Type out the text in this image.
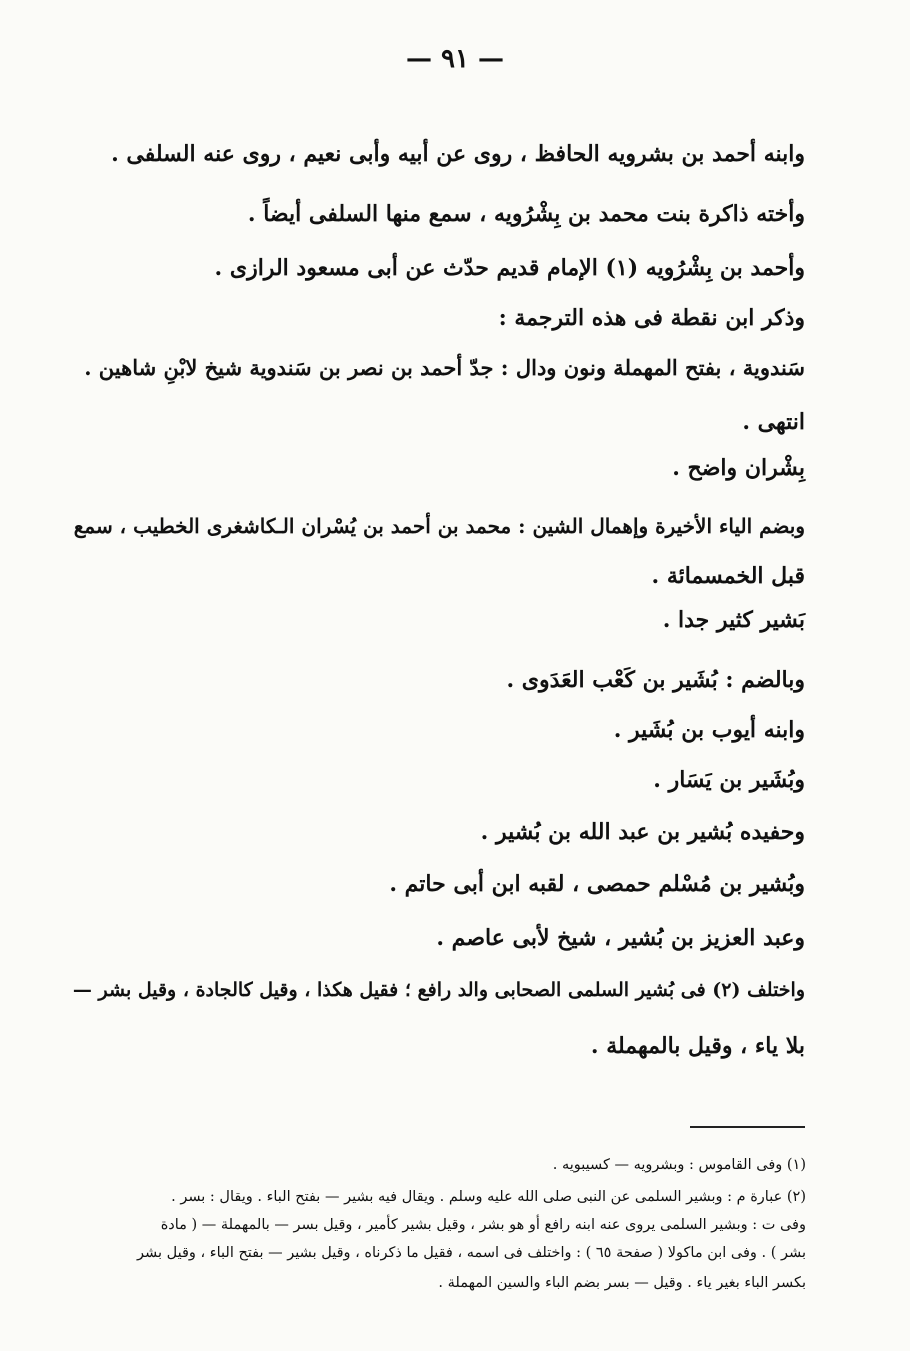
— ٩١ —
وابنه أحمد بن بشرويه الحافظ ، روى عن أبيه وأبى نعيم ، روى عنه السلفى .
وأخته ذاكرة بنت محمد بن بِشْرُويه ، سمع منها السلفى أيضاً .
وأحمد بن بِشْرُويه (١) الإمام قديم حدّث عن أبى مسعود الرازى .
وذكر ابن نقطة فى هذه الترجمة :
سَندوية ، بفتح المهملة ونون ودال : جدّ أحمد بن نصر بن سَندوية شيخ لابْنِ شاهين .
انتهى .
بِشْران واضح .
وبضم الياء الأخيرة وإهمال الشين : محمد بن أحمد بن يُسْران الـكاشغرى الخطيب ، سمع
قبل الخمسمائة .
بَشير كثير جدا .
وبالضم : بُشَير بن كَعْب العَدَوى .
وابنه أيوب بن بُشَير .
وبُشَير بن يَسَار .
وحفيده بُشير بن عبد الله بن بُشير .
وبُشير بن مُسْلم حمصى ، لقبه ابن أبى حاتم .
وعبد العزيز بن بُشير ، شيخ لأبى عاصم .
واختلف (٢) فى بُشير السلمى الصحابى والد رافع ؛ فقيل هكذا ، وقيل كالجادة ، وقيل بشر —
بلا ياء ، وقيل بالمهملة .
(١) وفى القاموس : وبشرويه — كسيبويه .
(٢) عبارة م : وبشير السلمى عن النبى صلى الله عليه وسلم . ويقال فيه بشير — بفتح الباء . ويقال : بسر .
وفى ت : وبشير السلمى يروى عنه ابنه رافع أو هو بشر ، وقيل بشير كأمير ، وقيل بسر — بالمهملة — ( مادة
بشر ) . وفى ابن ماكولا ( صفحة ٦٥ ) : واختلف فى اسمه ، فقيل ما ذكرناه ، وقيل بشير — بفتح الباء ، وقيل بشر
بكسر الباء بغير ياء . وقيل — بسر بضم الباء والسين المهملة .
